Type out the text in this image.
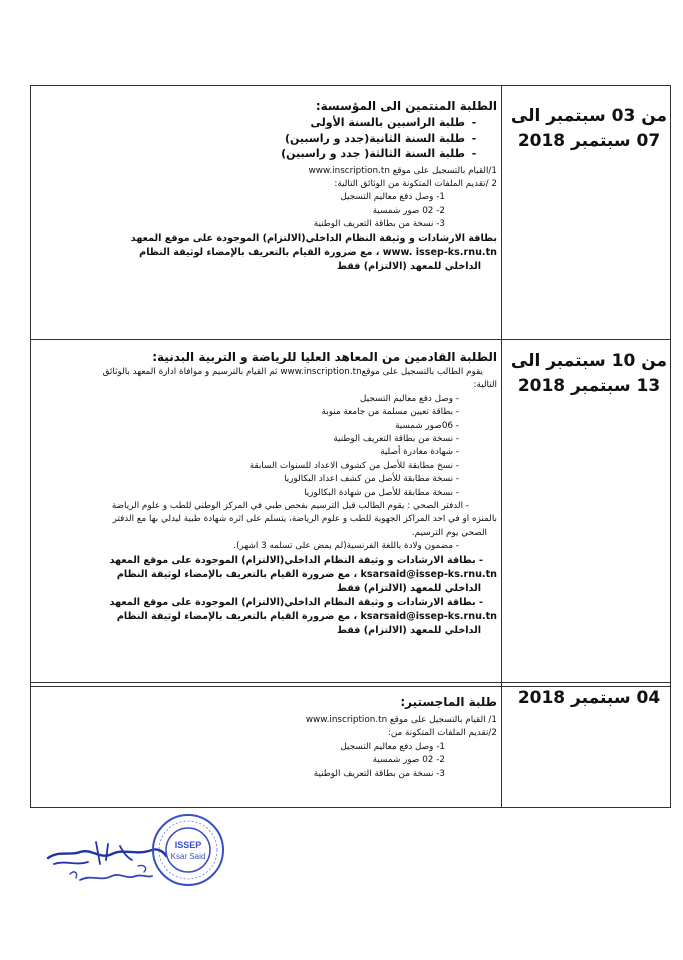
من 03 سبتمبر الى
07 سبتمبر 2018
الطلبة المنتمين الى المؤسسة:
-طلبة الراسبين بالسنة الأولى
-طلبة السنة الثانية(جدد و راسبين)
-طلبة السنة الثالثة( جدد و راسبين)
1/القيام بالتسجيل على موقع www.inscription.tn
2 /تقديم الملفات المتكونة من الوثائق التالية:
1- وصل دفع معاليم التسجيل
2- 02 صور شمسية
3- نسخة من بطاقة التعريف الوطنية
بطاقة الارشادات و وثيقة النظام الداخلي(الالتزام) الموجودة على موقع المعهد
www. issep-ks.rnu.tn ، مع ضرورة القيام بالتعريف بالإمضاء لوثيقة النظام
الداخلي للمعهد (الالتزام) فقط
من 10 سبتمبر الى
13 سبتمبر 2018
الطلبة القادمين من المعاهد العليا للرياضة و التربية البدنية:
يقوم الطالب بالتسجيل على موقعwww.inscription.tn ثم القيام بالترسيم و موافاة ادارة المعهد بالوثائق
التالية:
- وصل دفع معاليم التسجيل
- بطاقة تعيين مسلمة من جامعة منوبة
- 06صور شمسية
- نسخة من بطاقة التعريف الوطنية
- شهادة مغادرة أصلية
- نسخ مطابقة للأصل من كشوف الاعداد للسنوات السابقة
- نسخة مطابقة للأصل من كشف اعداد البكالوريا
- نسخة مطابقة للأصل من شهادة البكالوريا
- الدفتر الصحي : يقوم الطالب قبل الترسيم بفحص طبي في المركز الوطني للطب و علوم الرياضة
بالمنزه او في احد المراكز الجهوية للطب و علوم الرياضة، يتسلم على اثره شهادة طبية ليدلي بها مع الدفتر
الصحي يوم الترسيم.
- مضمون ولادة باللغة الفرنسية(لم يمض على تسلمه 3 اشهر).
- بطاقة الارشادات و وثيقة النظام الداخلي(الالتزام) الموجودة على موقع المعهد
ksarsaid@issep-ks.rnu.tn ، مع ضرورة القيام بالتعريف بالإمضاء لوثيقة النظام
الداخلي للمعهد (الالتزام) فقط
- بطاقة الارشادات و وثيقة النظام الداخلي(الالتزام) الموجودة على موقع المعهد
ksarsaid@issep-ks.rnu.tn ، مع ضرورة القيام بالتعريف بالإمضاء لوثيقة النظام
الداخلي للمعهد (الالتزام) فقط
04 سبتمبر 2018
طلبة الماجستير:
1/ القيام بالتسجيل على موقع www.inscription.tn
2/تقديم الملفات المتكونة من:
1- وصل دفع معاليم التسجيل
2- 02 صور شمسية
3- نسخة من بطاقة التعريف الوطنية
ISSEP
Ksar Said
